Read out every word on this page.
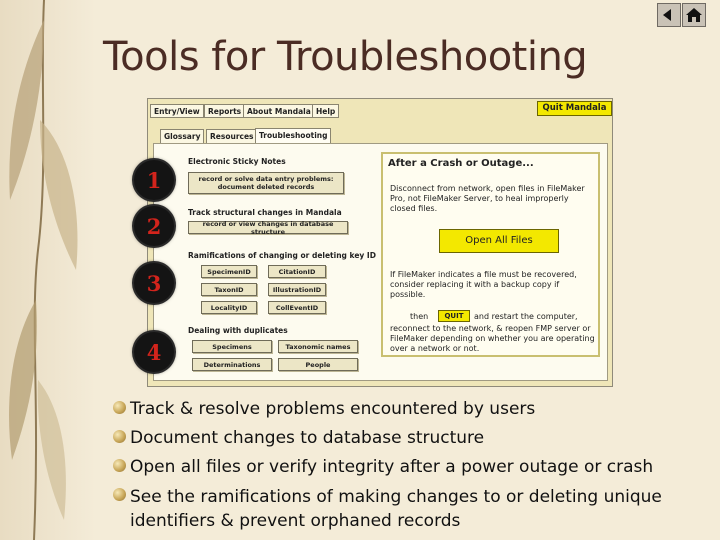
Tools for Troubleshooting
Entry/View	Reports About Mandala Help	Quit Mandala
Glossary	Resources Troubleshooting
Electronic Sticky Notes
record or solve data entry problems: document deleted records
Track structural changes in Mandala
record or view changes in database structure
Ramifications of changing or deleting key ID
SpecimenID	CitationID
TaxonID	IllustrationID
LocalityID	CollEventID
Dealing with duplicates
Specimens	Taxonomic names
Determinations	People
After a Crash or Outage...
Disconnect from network, open files in FileMaker Pro, not FileMaker Server, to heal improperly closed files.
Open All Files
If FileMaker indicates a file must be recovered, consider replacing it with a backup copy if possible.
then	QUIT	and restart the computer,
reconnect to the network, & reopen FMP server or FileMaker depending on whether you are operating over a network or not.
1
2
3
4
Track & resolve problems encountered by users
Document changes to database structure
Open all files or verify integrity after a power outage or crash
See the ramifications of making changes to or deleting unique identifiers & prevent orphaned records
